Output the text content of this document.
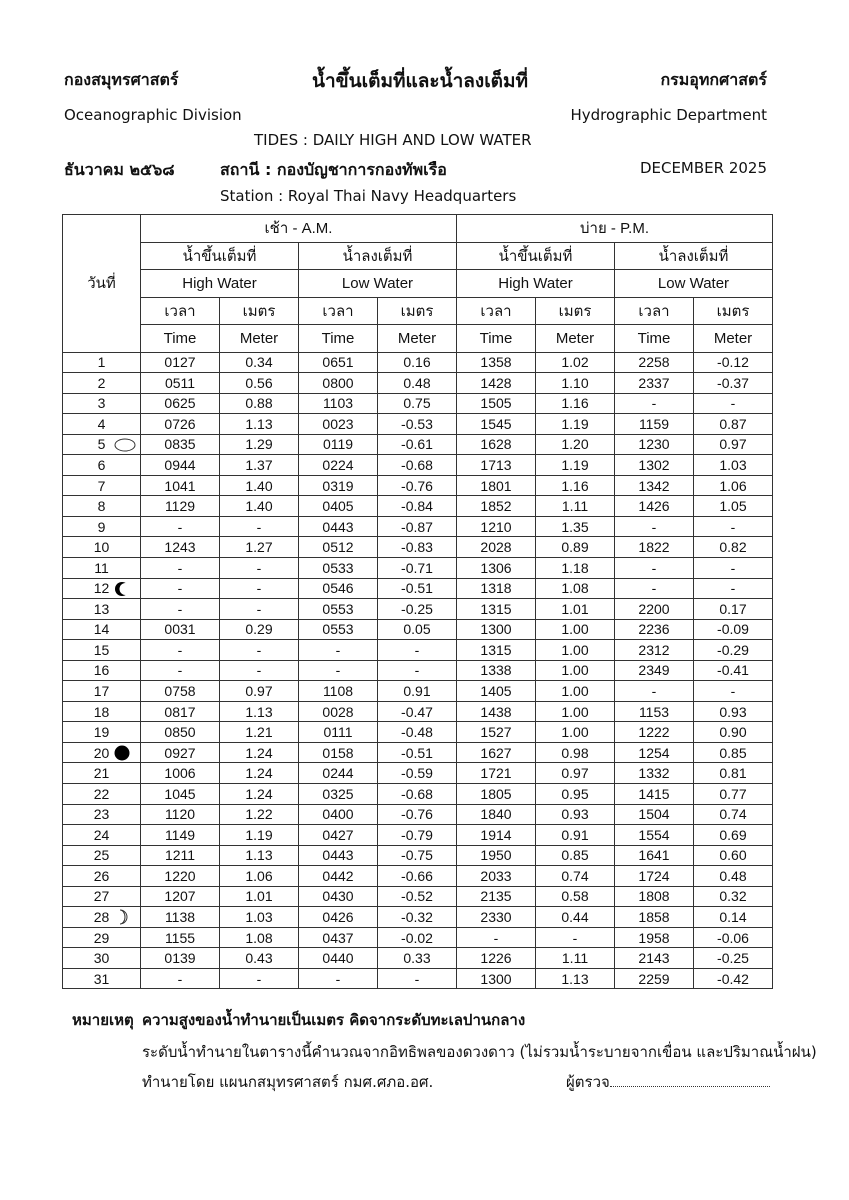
กองสมุทรศาสตร์	น้ำขึ้นเต็มที่และน้ำลงเต็มที่	กรมอุทกศาสตร์
Oceanographic Division	Hydrographic Department
TIDES : DAILY HIGH AND LOW WATER
ธันวาคม ๒๕๖๘	สถานี : กองบัญชาการกองทัพเรือ	DECEMBER 2025
Station : Royal Thai Navy Headquarters
วันที่	เช้า - A.M.				บ่าย - P.M.			
	น้ำขึ้นเต็มที่		น้ำลงเต็มที่		น้ำขึ้นเต็มที่		น้ำลงเต็มที่	
	High Water		Low Water		High Water		Low Water	
	เวลา	เมตร	เวลา	เมตร	เวลา	เมตร	เวลา	เมตร
	Time	Meter	Time	Meter	Time	Meter	Time	Meter
1	0127	0.34	0651	0.16	1358	1.02	2258	-0.12
2	0511	0.56	0800	0.48	1428	1.10	2337	-0.37
3	0625	0.88	1103	0.75	1505	1.16	-	-
4	0726	1.13	0023	-0.53	1545	1.19	1159	0.87
5	0835	1.29	0119	-0.61	1628	1.20	1230	0.97
6	0944	1.37	0224	-0.68	1713	1.19	1302	1.03
7	1041	1.40	0319	-0.76	1801	1.16	1342	1.06
8	1129	1.40	0405	-0.84	1852	1.11	1426	1.05
9	-	-	0443	-0.87	1210	1.35	-	-
10	1243	1.27	0512	-0.83	2028	0.89	1822	0.82
11	-	-	0533	-0.71	1306	1.18	-	-
12	-	-	0546	-0.51	1318	1.08	-	-
13	-	-	0553	-0.25	1315	1.01	2200	0.17
14	0031	0.29	0553	0.05	1300	1.00	2236	-0.09
15	-	-	-	-	1315	1.00	2312	-0.29
16	-	-	-	-	1338	1.00	2349	-0.41
17	0758	0.97	1108	0.91	1405	1.00	-	-
18	0817	1.13	0028	-0.47	1438	1.00	1153	0.93
19	0850	1.21	0111	-0.48	1527	1.00	1222	0.90
20	0927	1.24	0158	-0.51	1627	0.98	1254	0.85
21	1006	1.24	0244	-0.59	1721	0.97	1332	0.81
22	1045	1.24	0325	-0.68	1805	0.95	1415	0.77
23	1120	1.22	0400	-0.76	1840	0.93	1504	0.74
24	1149	1.19	0427	-0.79	1914	0.91	1554	0.69
25	1211	1.13	0443	-0.75	1950	0.85	1641	0.60
26	1220	1.06	0442	-0.66	2033	0.74	1724	0.48
27	1207	1.01	0430	-0.52	2135	0.58	1808	0.32
28	1138	1.03	0426	-0.32	2330	0.44	1858	0.14
29	1155	1.08	0437	-0.02	-	-	1958	-0.06
30	0139	0.43	0440	0.33	1226	1.11	2143	-0.25
31	-	-	-	-	1300	1.13	2259	-0.42
หมายเหตุ ความสูงของน้ำทำนายเป็นเมตร คิดจากระดับทะเลปานกลาง
ระดับน้ำทำนายในตารางนี้คำนวณจากอิทธิพลของดวงดาว (ไม่รวมน้ำระบายจากเขื่อน และปริมาณน้ำฝน)
ทำนายโดย แผนกสมุทรศาสตร์ กมศ.ศภอ.อศ.	ผู้ตรวจ
